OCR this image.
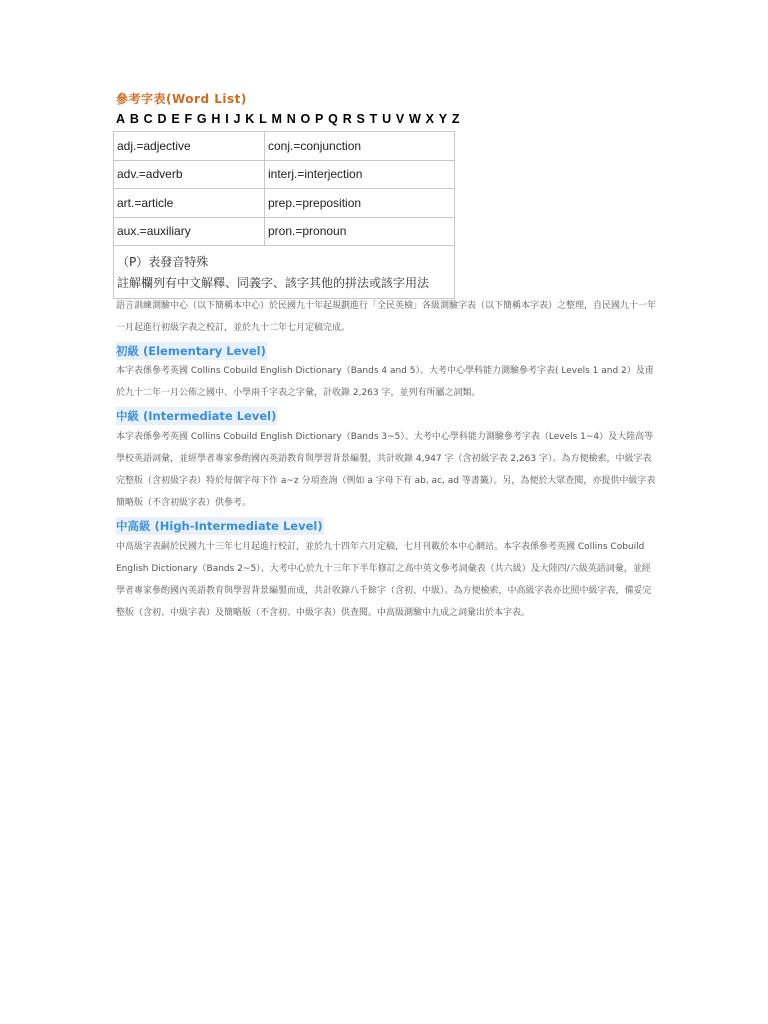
參考字表(Word List)
A B C D E F G H I J K L M N O P Q R S T U V W X Y Z
adj.=adjective	conj.=conjunction
adv.=adverb	interj.=interjection
art.=article	prep.=preposition
aux.=auxiliary	pron.=pronoun

（P）表發音特殊
註解欄列有中文解釋、同義字、該字其他的拼法或該字用法	
語言訓練測驗中心（以下簡稱本中心）於民國九十年起規劃進行「全民英檢」各級測驗字表（以下簡稱本字表）之整理，自民國九十一年一月起進行初級字表之校訂，並於九十二年七月定稿完成。
初級 (Elementary Level)
本字表係參考英國 Collins Cobuild English Dictionary（Bands 4 and 5）、大考中心學科能力測驗參考字表( Levels 1 and 2）及甫於九十二年一月公佈之國中、小學兩千字表之字彙，計收錄 2,263 字，並列有所屬之詞類。
中級 (Intermediate Level)
本字表係參考英國 Collins Cobuild English Dictionary（Bands 3~5）、大考中心學科能力測驗參考字表（Levels 1~4）及大陸高等學校英語詞彙，並經學者專家參酌國內英語教育與學習背景編製，共計收錄 4,947 字（含初級字表 2,263 字）。為方便檢索，中級字表完整版（含初級字表）特於每個字母下作 a~z 分項查詢（例如 a 字母下有 ab, ac, ad 等書籤）。另，為便於大眾查閱，亦提供中級字表簡略版（不含初級字表）供參考。
中高級 (High-Intermediate Level)
中高級字表嗣於民國九十三年七月起進行校訂，並於九十四年六月定稿，七月刊載於本中心網站。本字表係參考英國 Collins Cobuild English Dictionary（Bands 2~5）、大考中心於九十三年下半年修訂之高中英文參考詞彙表（共六級）及大陸四/六級英語詞彙，並經學者專家參酌國內英語教育與學習背景編製而成，共計收錄八千餘字（含初、中級）。為方便檢索，中高級字表亦比照中級字表，備妥完整版（含初、中級字表）及簡略版（不含初、中級字表）供查閱。中高級測驗中九成之詞彙出於本字表。
